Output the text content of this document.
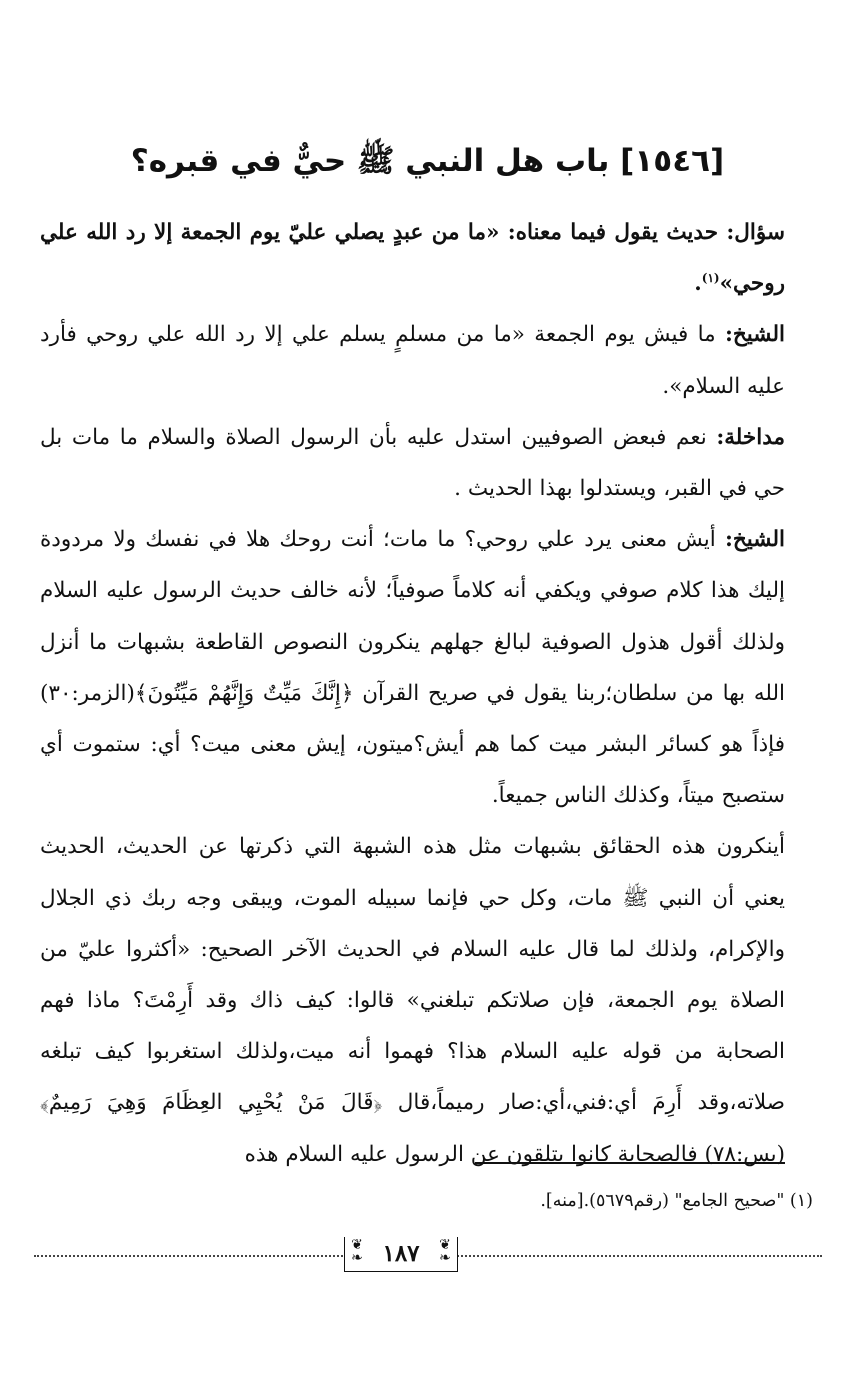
[١٥٤٦] باب هل النبي ﷺ حيٌّ في قبره؟

سؤال: حديث يقول فيما معناه: «ما من عبدٍ يصلي عليّ يوم الجمعة إلا رد الله علي روحي»$^{(١)}$.

الشيخ: ما فيش يوم الجمعة «ما من مسلمٍ يسلم علي إلا رد الله علي روحي فأرد عليه السلام».

مداخلة: نعم فبعض الصوفيين استدل عليه بأن الرسول الصلاة والسلام ما مات بل حي في القبر، ويستدلوا بهذا الحديث .

الشيخ: أيش معنى يرد علي روحي؟ ما مات؛ أنت روحك هلا في نفسك ولا مردودة إليك هذا كلام صوفي ويكفي أنه كلاماً صوفياً؛ لأنه خالف حديث الرسول عليه السلام ولذلك أقول هذول الصوفية لبالغ جهلهم ينكرون النصوص القاطعة بشبهات ما أنزل الله بها من سلطان؛ربنا يقول في صريح القرآن ﴿إِنَّكَ مَيِّتٌ وَإِنَّهُمْ مَيِّتُونَ﴾(الزمر:٣٠) فإذاً هو كسائر البشر ميت كما هم أيش؟ميتون، إيش معنى ميت؟ أي: ستموت أي ستصبح ميتاً، وكذلك الناس جميعاً.

أينكرون هذه الحقائق بشبهات مثل هذه الشبهة التي ذكرتها عن الحديث، الحديث يعني أن النبي ﷺ مات، وكل حي فإنما سبيله الموت، ويبقى وجه ربك ذي الجلال والإكرام، ولذلك لما قال عليه السلام في الحديث الآخر الصحيح: «أكثروا عليّ من الصلاة يوم الجمعة، فإن صلاتكم تبلغني» قالوا: كيف ذاك وقد أَرِمْتَ؟ ماذا فهم الصحابة من قوله عليه السلام هذا؟ فهموا أنه ميت،ولذلك استغربوا كيف تبلغه صلاته،وقد أَرِمَ أي:فني،أي:صار رميماً،قال ﴿قَالَ مَنْ يُحْيِي العِظَامَ وَهِيَ رَمِيمٌ﴾(يس:٧٨) فالصحابة كانوا يتلقون عن الرسول عليه السلام هذه

(١) "صحيح الجامع" (رقم٥٦٧٩).[منه].
❦
❧ ١٨٧	❦
❧
